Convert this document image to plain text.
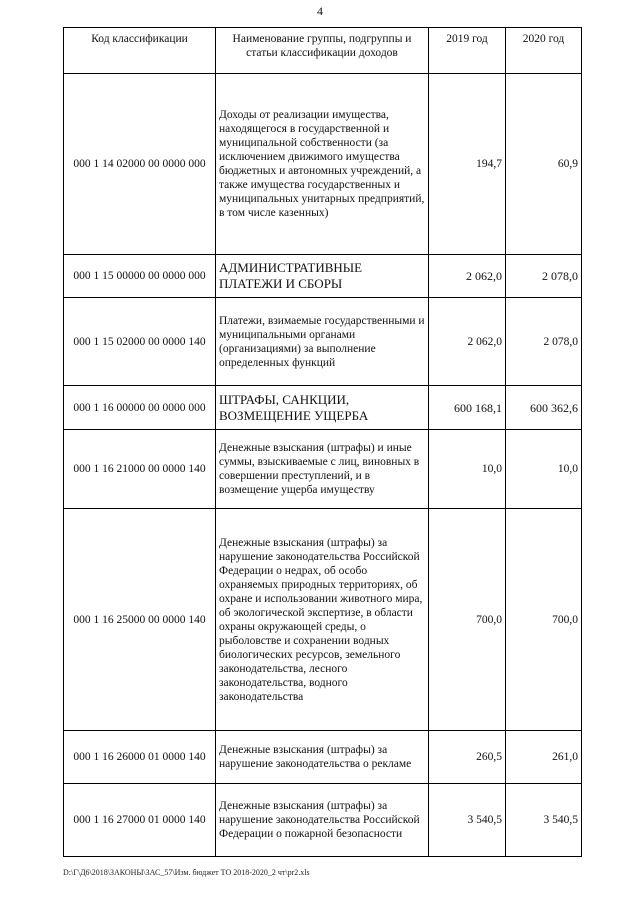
4
Код классификации	Наименование группы, подгруппы и статьи классификации доходов	2019 год	2020 год
000 1 14 02000 00 0000 000	Доходы от реализации имущества, находящегося в государственной и муниципальной собственности (за исключением движимого имущества бюджетных и автономных учреждений, а также имущества государственных и муниципальных унитарных предприятий, в том числе казенных)	194,7	60,9
000 1 15 00000 00 0000 000	АДМИНИСТРАТИВНЫЕ ПЛАТЕЖИ И СБОРЫ	2 062,0	2 078,0
000 1 15 02000 00 0000 140	Платежи, взимаемые государственными и муниципальными органами (организациями) за выполнение определенных функций	2 062,0	2 078,0
000 1 16 00000 00 0000 000	ШТРАФЫ, САНКЦИИ, ВОЗМЕЩЕНИЕ УЩЕРБА	600 168,1	600 362,6
000 1 16 21000 00 0000 140	Денежные взыскания (штрафы) и иные суммы, взыскиваемые с лиц, виновных в совершении преступлений, и в возмещение ущерба имуществу	10,0	10,0
000 1 16 25000 00 0000 140	Денежные взыскания (штрафы) за нарушение законодательства Российской Федерации о недрах, об особо охраняемых природных территориях, об охране и использовании животного мира, об экологической экспертизе, в области охраны окружающей среды, о рыболовстве и сохранении водных биологических ресурсов, земельного законодательства, лесного законодательства, водного законодательства	700,0	700,0
000 1 16 26000 01 0000 140	Денежные взыскания (штрафы) за нарушение законодательства о рекламе	260,5	261,0
000 1 16 27000 01 0000 140	Денежные взыскания (штрафы) за нарушение законодательства Российской Федерации о пожарной безопасности	3 540,5	3 540,5
D:\Г\Д6\2018\ЗАКОНЫ\ЗАС_57\Изм. бюджет ТО 2018-2020_2 чт\pr2.xls
